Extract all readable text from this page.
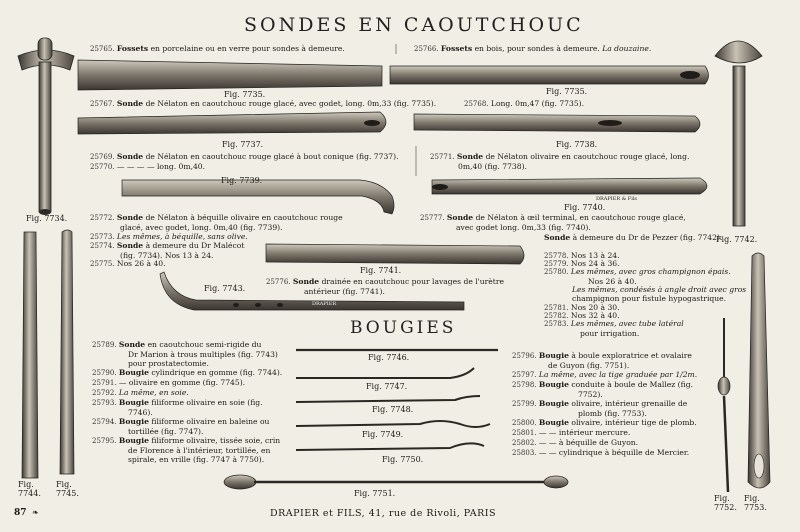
SONDES EN CAOUTCHOUC
BOUGIES
Fig. 7734.
Fig. 7735.	Fig. 7735.
Fig. 7737.	Fig. 7738.
Fig. 7739.
Fig. 7740.
Fig. 7741.
Fig. 7742.
Fig. 7743.
Fig. 7744.
Fig. 7745.
Fig. 7746.
Fig. 7747.
Fig. 7748.
Fig. 7749.
Fig. 7750.
Fig. 7751.
Fig. 7752.
Fig. 7753.
DRAPIER & Fils
DRAPIER
25765. Fossets en porcelaine ou en verre pour sondes à demeure.	25766. Fossets en bois, pour sondes à demeure. La douzaine.
25767. Sonde de Nélaton en caoutchouc rouge glacé, avec godet, long. 0m,33 (fig. 7735).	25768. Long. 0m,47 (fig. 7735).
25769. Sonde de Nélaton en caoutchouc rouge glacé à bout conique (fig. 7737).
25770. — — — — long. 0m,40.
25771. Sonde de Nélaton olivaire en caoutchouc rouge glacé, long.
0m,40 (fig. 7738).
25772. Sonde de Nélaton à béquille olivaire en caoutchouc rouge
glacé, avec godet, long. 0m,40 (fig. 7739).
25773. Les mêmes, à béquille, sans olive.
25774. Sonde à demeure du Dr Malécot
(fig. 7734). Nos 13 à 24.
25775. Nos 26 à 40.
25776. Sonde drainée en caoutchouc pour lavages de l'urètre
antérieur (fig. 7741).
25777. Sonde de Nélaton à œil terminal, en caoutchouc rouge glacé,
avec godet long. 0m,33 (fig. 7740).
Sonde à demeure du Dr de Pezzer (fig. 7742).
25778. Nos 13 à 24.
25779. Nos 24 à 36.
25780. Les mêmes, avec gros champignon épais.
Nos 26 à 40.
Les mêmes, condésés à angle droit avec gros
champignon pour fistule hypogastrique.
25781. Nos 20 à 30.
25782. Nos 32 à 40.
25783. Les mêmes, avec tube latéral
pour irrigation.
25789. Sonde en caoutchouc semi-rigide du
Dr Marion à trous multiples (fig. 7743)
pour prostatectomie.
25790. Bougie cylindrique en gomme (fig. 7744).
25791. — olivaire en gomme (fig. 7745).
25792. La même, en soie.
25793. Bougie filiforme olivaire en soie (fig.
7746).
25794. Bougie filiforme olivaire en baleine ou
tortillée (fig. 7747).
25795. Bougie filiforme olivaire, tissée soie, crin
de Florence à l'intérieur, tortillée, en
spirale, en vrille (fig. 7747 à 7750).
25796. Bougie à boule exploratrice et ovalaire
de Guyon (fig. 7751).
25797. La même, avec la tige graduée par 1/2m.
25798. Bougie conduite à boule de Mallez (fig.
7752).
25799. Bougie olivaire, intérieur grenaille de
plomb (fig. 7753).
25800. Bougie olivaire, intérieur tige de plomb.
25801. — — intérieur mercure.
25802. — — à béquille de Guyon.
25803. — — cylindrique à béquille de Mercier.
87 ❧	DRAPIER et FILS, 41, rue de Rivoli, PARIS
